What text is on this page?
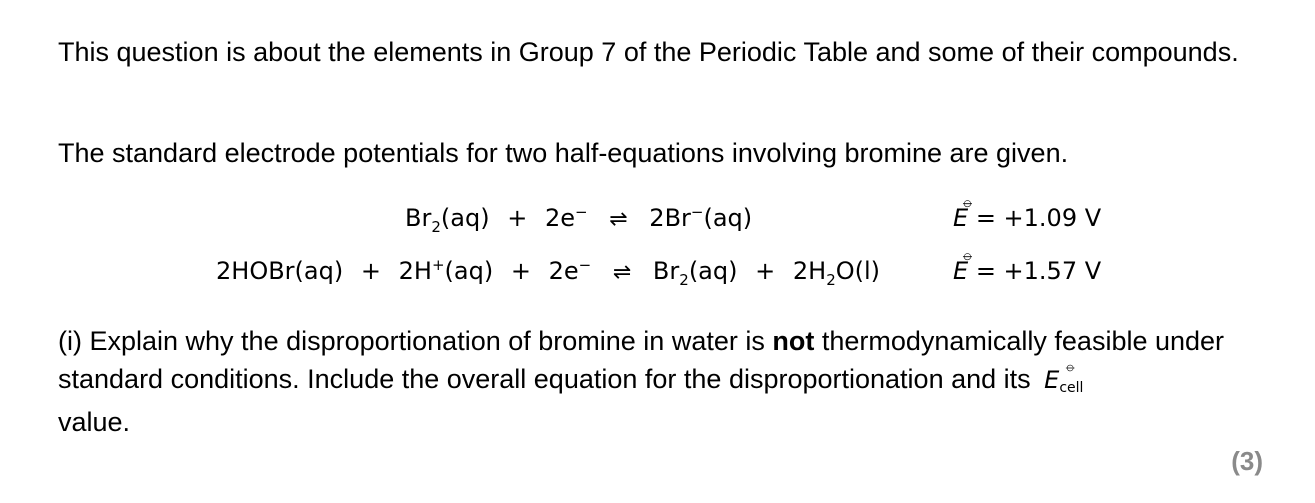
This question is about the elements in Group 7 of the Periodic Table and some of their compounds.

The standard electrode potentials for two half-equations involving bromine are given.

$Br_2(aq) + 2e^-$ ⇌ 2Br−(aq)	E
⦵
= +1.09 V
2HOBr(aq) + 2H+(aq) + 2e− ⇌ $Br_2(aq) + 2H_2O(l)$	E
⦵
= +1.57 V

(i) Explain why the disproportionation of bromine in water is not thermodynamically feasible under standard conditions. Include the overall equation for the disproportionation and its Ecell
⦵

value.

(3)
